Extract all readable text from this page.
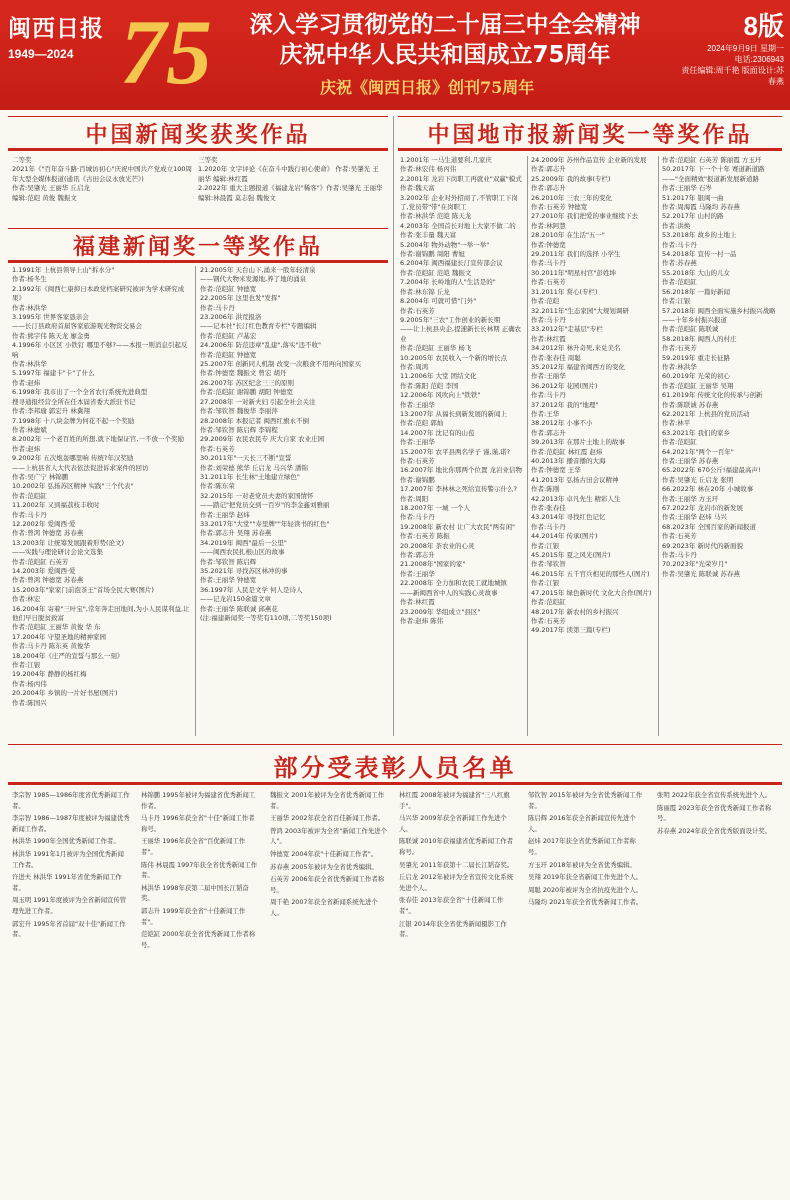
闽西日报
1949—2024 75	深入学习贯彻党的二十届三中全会精神
庆祝中华人民共和国成立75周年
庆祝《闽西日报》创刊75周年
8版
2024年9月9日 星期一
电话:2306943
责任编辑:周千艳 版面设计:苏春燕
中国新闻奖获奖作品	中国地市报新闻奖一等奖作品

二等奖

2021年《"百年奋斗路·百城访初心"庆祝中国共产党成立100周年大型全媒体报道(通讯《古田会议永放光芒》)

作者:吴肇光 王丽华 丘启龙

编辑:范皑 黄俊 魏振文

三等奖

1.2020年 文字评论《在奋斗中践行初心使命》 作者:吴肇光 王丽华 编辑:林红霞

2.2022年 重大主题报道《福建龙岩"稀客"》作者:吴肇光 王丽华 编辑:林晨霞 莫志强 魏俊文

福建新闻奖一等奖作品

1.1991年 上杭县领导上山"拆水分"

作者:杨冬生

2.1992年《闽西仁康抑日本政党档案研究被评为学术研究成果》

作者:林洪华

3.1995年 世界客家恳亲会

——长汀县政府首届客家旅游观光物资交易会

作者:熊宇伟 陈天龙 廖金勇

4.1996年 小区区 小铁钉 哪里不够?——本报一则消息引起反响

作者:林洪华

5.1997年 福建卡"卡"了什么

作者:赵炜

6.1998年 我市出了一个全省农行系统先进典型

搜寻通报经营全所在任本届省委大派驻书记

作者:李邦瑜 郭宏升 林冀翔

7.1998年 十八块金牌为何花不起一个奖励

作者:林德斌

8.2002年 一个老百姓的所想,就下地保证官,一不放一个奖励

作者:赵炜

9.2002年 五次炮轰哪里响 传统?年汉奖励

——上杭县省人大代表依法促进诉求案件的回访

作者:吴广宁 林锦鹏

10.2002年 弘扬苏区精神 实践"三个代表"

作者:范皑缸

11.2002年 又到福荔枝丰收时

作者:马卡丹

12.2002年 爱闽西·爱

作者:曾鸿 钟德宽 苏春燕

13.2003年 让统筹发展跟着形势(论文)

——实践与理论研讨会论文选集

作者:范皑缸 石英芳

14.2003年 爱闽西·爱

作者:曾鸿 钟德宽 苏春燕

15.2003年"家家门前泡茶王"首场全民大赛(图片)

作者:林宏

16.2004年 寄着"三叶宝",常年奔走田地间,为小人民谋利益,让他们早日脱贫致富

作者:范皑缸 王丽华 黄俊 华 东

17.2004年 守望圣地的精神家园

作者:马卡丹 陈东英 黄俊华

18.2004年《庄严的宣誓与那么一刻》

作者:江银

19.2004年 静静的杨红梅

作者:杨丙伟

20.2004年 乡镇的一片好书屋(图片)

作者:陈国兴

21.2005年 天台山下,涌来一股年轻清泉

——钢代大物米发源地,养了地的涌泉

作者:范皑缸 钟德宽

22.2005年 这里也发"发挥"

作者:马卡丹

23.2006年 洪荒报洛

——记本社"长汀红色教育专栏"专题编辑

作者:范皑缸 卢基宏

24.2006年 防范违章"乱建",落实"违不收"

作者:范皑缸 钟德宽

25.2007年 创新同人机制 改变一次粮食不用再向国家买

作者:钟德宽 魏振文 曾宏 胡丹

26.2007年 苏区纪念三三的原则

作者:范皑缸 谢锦鹏 胡阳 钟德宽

27.2008年 一对新夫妇 引起全社会关注

作者:邹钦智 魏俊华 李丽萍

28.2008年 本报记者 闽西红旗永不倒

作者:邹钦智 陈启辉 李锦程

29.2009年 农民农民专 庆大自家 农业庄园

作者:石英芳

30.2011年"一天长三不断"宣誓

作者:刘荣德 熊华 丘启龙 马兴华 潘锦

31.2011年 长生林"土地建立绿色"

作者:陈东荣

32.2015年 一对老党员夫妻的家国情怀

——踏记"把党员交到一百岁"的李金鑫刘雅丽

作者:王丽华 赵炜

33.2017年"大堂""寿里牌""年轻读书的红色"

作者:郭志升 吴翔 苏春燕

34.2019年 闽西"最后一公里"

——闽西农民扎根山区的故事

作者:邹钦智 陈启辉

35.2021年 寻找苏区林冲的事

作者:王丽华 钟德宽

36.1997年 人民是文学 何人是诗人

——记龙岩150余篇文章

作者:王丽华 陈联诚 邱燕花

(注:福建新闻奖一等奖有110项,二等奖150项)

1.2001年 一马生道要利,几家庆

作者:林宏伟 杨丙伟

2.2001年 龙岩下岗职工再就业"双赢"模式

作者:魏天富

3.2002年 企业对外招商了,不管职工下岗了,党员带"带"在岗职工

作者:林洪华 范皑 陈天龙

4.2003年 全国首长对地上大家不做二的

作者:张丰量 魏天富

5.2004年 物外动物"一举一举"

作者:谢锦鹏 周阳 曹旭

6.2004年 闽西福建长汀宣传部会议

作者:范皑缸 范皑 魏振文

7.2004年 长岭地的人"生活是的"

作者:林东锦 丘龙

8.2004年 可就可惜"门外"

作者:石英芳

9.2005年"三农"工作创业的新长期

——让上杭县央企,提速新长长林期 正确农业

作者:范皑缸 王丽华 杨飞

10.2005年 农民收入一个新的增长点

作者:周鸿

11.2006年 大堂 团结文化

作者:陈阳 范皑 李国

12.2006年 风吹向上"铁铁"

作者:王丽华

13.2007年 从福长到新发展的新闻上

作者:范皑 郭灿

14.2007年 沈记有的山苞

作者:王丽华

15.2007年 农平县两名学子 谨,谨,诺?

作者:石英芳

16.2007年 地比你那两个位置 龙岩业信物

作者:谢锦鹏

17.2007年 李林林之死给宣传警示什么?

作者:周阳

18.2007年 一城 一个人

作者:马卡丹

19.2008年 新农村 让广大农民"两有闲"

作者:石英芳 陈振

20.2008年 茶农业的心灵

作者:郭志升

21.2008年"国家的家"

作者:王丽华

22.2008年 全力加和农民工就地城镇

——新闽西省中人的实践心灵故事

作者:林红霞

23.2009年 华组成立"县区"

作者:赵炜 陈伟

24.2009年 苏州作品宣传 企业新的发展

作者:郭志升

25.2009年 我的故事(专栏)

作者:郭志升

26.2010年 三农三年的变化

作者:石英芳 钟德宽

27.2010年 我们把爱的事业继续下去

作者:林阿慧

28.2010年 在生活"五一"

作者:钟德宽

29.2011年 我们的选择 小学生

作者:马卡丹

30.2011年"明星村官"彭姓坤

作者:石英芳

31.2011年 赏心(专栏)

作者:范皑

32.2011年"生态家园"大规划调研

作者:马卡丹

33.2012年"走基层"专栏

作者:林红霞

34.2012年 林升奇死,来兑美名

作者:张春佳 周聪

35.2012年 福建省闽西方的变化

作者:王丽华

36.2012年 花园(图片)

作者:马卡丹

37.2012年 我的"地理"

作者:王华

38.2012年 小事不小

作者:郭志升

39.2013年 在那片土地上的故事

作者:范皑缸 林红霞 赵炜

40.2013年 播音播的大海

作者:钟德宽 王华

41.2013年 弘扬古田会议精神

作者:陈刚

42.2013年 卓凡先生 精彩人生

作者:张春佳

43.2014年 寻找红色记忆

作者:马卡丹

44.2014年 传承(图片)

作者:江银

45.2015年 夏之风光(图片)

作者:邹钦智

46.2015年 五千官兵相见的那些人(图片)

作者:江银

47.2015年 绿色新时代 文化大合作(图片)

作者:范皑缸

48.2017年 新农村的乡村振兴

作者:石英芳

49.2017年 读第三篇(专栏)

作者:范皑缸 石英芳 陈丽霞 方玉玕

50.2017年 下一个十年 赛道新道路

——"全面精致"报道新发展新道路

作者:王丽华 石岑

51.2017年 银闽一曲

作者:周海霞 马隆均 苏春燕

52.2017年 山村的路

作者:洪焕

53.2018年 故乡的土地上

作者:马卡丹

54.2018年 宣传一村一品

作者:苏春燕

55.2018年 大山的儿女

作者:范皑缸

56.2018年 一篇好新闻

作者:江银

57.2018年 闽西全面实施乡村振兴战略

——十年乡村振兴报道

作者:范皑缸 陈联诚

58.2018年 闽西人的村庄

作者:石英芳

59.2019年 重走长征路

作者:林洪华

60.2019年 光荣的初心

作者:范皑缸 王丽华 吴翔

61.2019年 传统文化的传承与创新

作者:陈联诚 苏春燕

62.2021年 上杭县的党员活动

作者:林平

63.2021年 我们的家乡

作者:范皑缸

64.2021年"两个一百年"

作者:王丽华 苏春燕

65.2022年 670公斤!福建最高声!

作者:吴肇光 丘启龙 张明

66.2022年 林在20年 小城故事

作者:王丽华 方玉玕

67.2022年 龙岩市的新发展

作者:王丽华 赵炜 马兴

68.2023年 全国百家的新闻报道

作者:石英芳

69.2023年 新时代的新面貌

作者:马卡丹

70.2023年"光荣岁月"

作者:吴肇光 陈联诚 苏春燕

部分受表彰人员名单

李宗智 1985—1986年度省优秀新闻工作者。

李宗智 1986—1987年度被评为福建优秀新闻工作者。

林洪华 1990年全国优秀新闻工作者。

林洪华 1991年1月被评为全国优秀新闻工作者。

许进夫 林洪华 1991年省优秀新闻工作者。

周玉明 1991年度被评为全省新闻宣传管理先进工作者。

郭宏升 1995年省首届"双十佳"新闻工作者。

林锦鹏 1995年被评为福建省优秀新闻工作者。

马卡丹 1996年获全省"十佳"新闻工作者称号。

王丽华 1996年获全省"百优新闻工作者"。

陈伟 林晨霞 1997年获全省优秀新闻工作者。

林洪华 1998年获第二届中国长江韬奋奖。

郭志升 1999年获全省"十佳新闻工作者"。

范皑缸 2000年获全省优秀新闻工作者称号。

魏振文 2001年被评为全省优秀新闻工作者。

王丽华 2002年获全省百佳新闻工作者。

曾鸿 2003年被评为全省"新闻工作先进个人"。

钟德宽 2004年获"十佳新闻工作者"。

苏春燕 2005年被评为全省优秀编辑。

石英芳 2006年获全省优秀新闻工作者称号。

周千艳 2007年获全省新闻系统先进个人。

林红霞 2008年被评为福建省"三八红旗手"。

马兴华 2009年获全省新闻工作先进个人。

陈联诚 2010年获福建省优秀新闻工作者称号。

吴肇光 2011年获第十二届长江韬奋奖。

丘启龙 2012年被评为全省宣传文化系统先进个人。

张春佳 2013年获全省"十佳新闻工作者"。

江银 2014年获全省优秀新闻摄影工作者。

邹钦智 2015年被评为全省优秀新闻工作者。

陈启辉 2016年获全省新闻宣传先进个人。

赵炜 2017年获全省优秀新闻工作者称号。

方玉玕 2018年被评为全省优秀编辑。

吴翔 2019年获全省新闻工作先进个人。

周聪 2020年被评为全省抗疫先进个人。

马隆均 2021年获全省优秀新闻工作者。

张明 2022年获全省宣传系统先进个人。

陈丽霞 2023年获全省优秀新闻工作者称号。

苏春燕 2024年获全省优秀版面设计奖。
